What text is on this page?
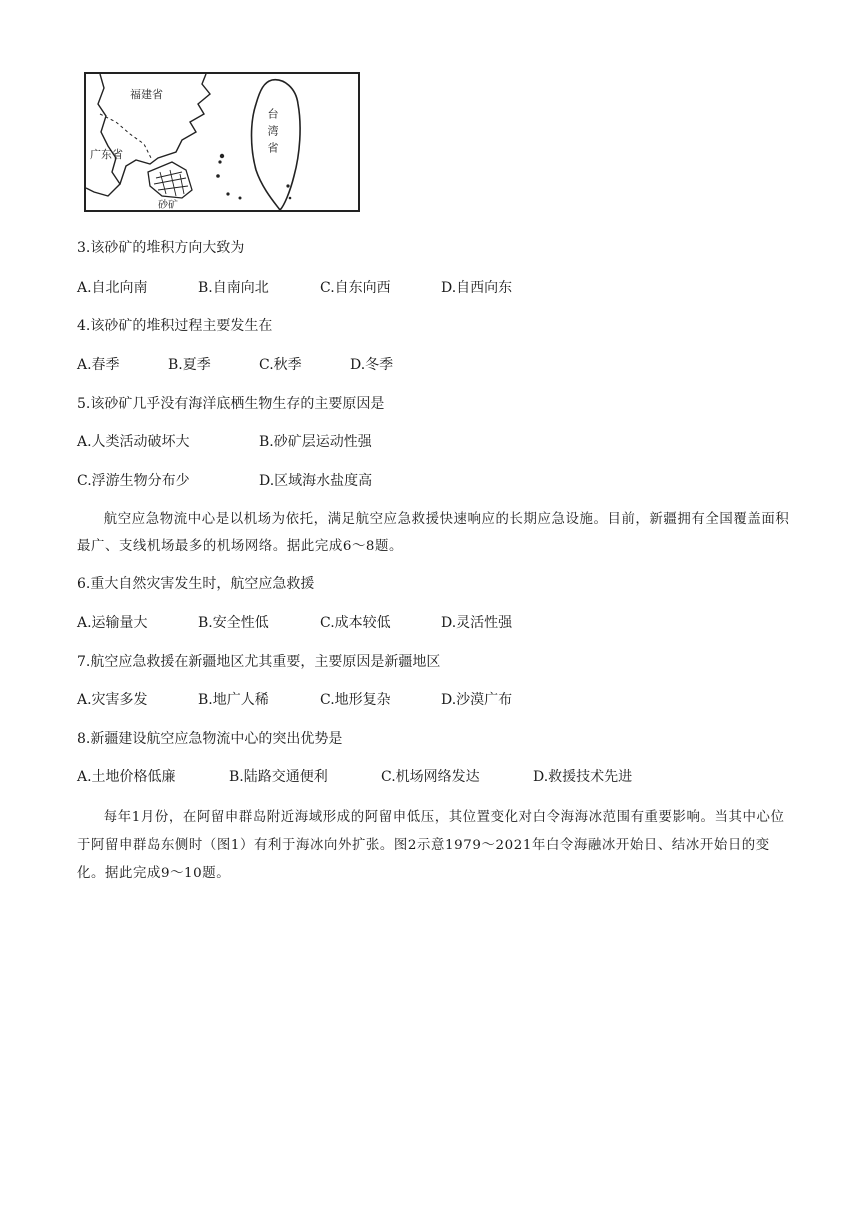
福建省
广东省	台湾省
砂矿
3.该砂矿的堆积方向大致为
A.自北向南	B.自南向北	C.自东向西	D.自西向东
4.该砂矿的堆积过程主要发生在
A.春季	B.夏季	C.秋季	D.冬季
5.该砂矿几乎没有海洋底栖生物生存的主要原因是
A.人类活动破坏大	B.砂矿层运动性强
C.浮游生物分布少	D.区域海水盐度高

航空应急物流中心是以机场为依托，满足航空应急救援快速响应的长期应急设施。目前，新疆拥有全国覆盖面积最广、支线机场最多的机场网络。据此完成6～8题。

6.重大自然灾害发生时，航空应急救援
A.运输量大	B.安全性低	C.成本较低	D.灵活性强
7.航空应急救援在新疆地区尤其重要，主要原因是新疆地区
A.灾害多发	B.地广人稀	C.地形复杂	D.沙漠广布
8.新疆建设航空应急物流中心的突出优势是
A.土地价格低廉	B.陆路交通便利	C.机场网络发达	D.救援技术先进

每年1月份，在阿留申群岛附近海域形成的阿留申低压，其位置变化对白令海海冰范围有重要影响。当其中心位于阿留申群岛东侧时（图1）有利于海冰向外扩张。图2示意1979～2021年白令海融冰开始日、结冰开始日的变化。据此完成9～10题。
